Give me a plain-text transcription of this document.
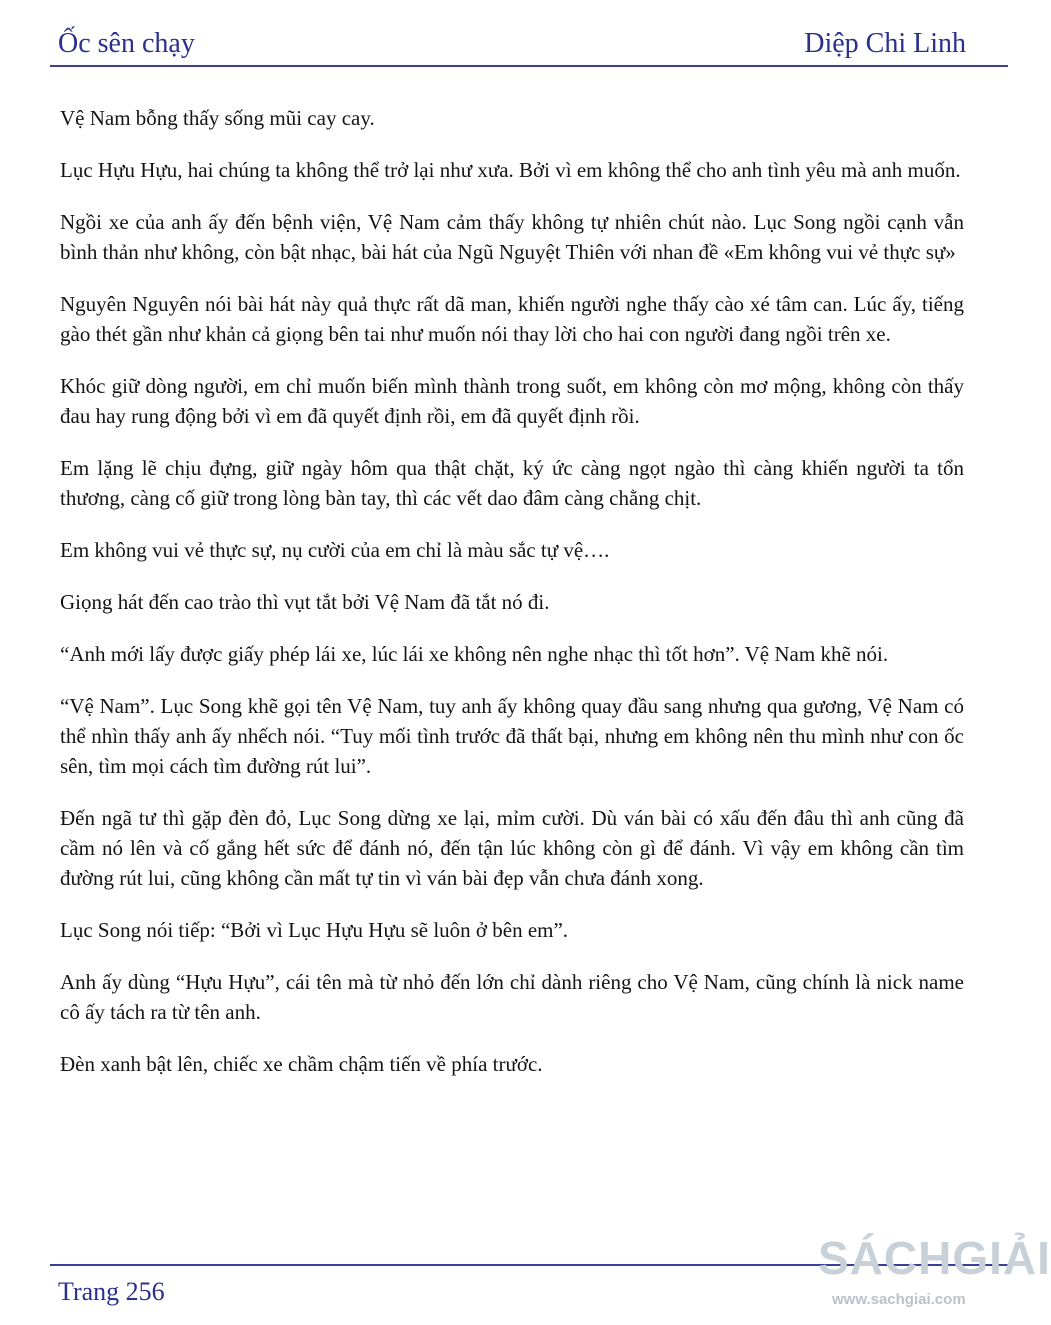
Ốc sên chạy	Diệp Chi Linh

Vệ Nam bỗng thấy sống mũi cay cay.

Lục Hựu Hựu, hai chúng ta không thể trở lại như xưa. Bởi vì em không thể cho anh tình yêu mà anh muốn.

Ngồi xe của anh ấy đến bệnh viện, Vệ Nam cảm thấy không tự nhiên chút nào. Lục Song ngồi cạnh vẫn bình thản như không, còn bật nhạc, bài hát của Ngũ Nguyệt Thiên với nhan đề «Em không vui vẻ thực sự»

Nguyên Nguyên nói bài hát này quả thực rất dã man, khiến người nghe thấy cào xé tâm can. Lúc ấy, tiếng gào thét gần như khản cả giọng bên tai như muốn nói thay lời cho hai con người đang ngồi trên xe.

Khóc giữ dòng người, em chỉ muốn biến mình thành trong suốt, em không còn mơ mộng, không còn thấy đau hay rung động bởi vì em đã quyết định rồi, em đã quyết định rồi.

Em lặng lẽ chịu đựng, giữ ngày hôm qua thật chặt, ký ức càng ngọt ngào thì càng khiến người ta tổn thương, càng cố giữ trong lòng bàn tay, thì các vết dao đâm càng chằng chịt.

Em không vui vẻ thực sự, nụ cười của em chỉ là màu sắc tự vệ….

Giọng hát đến cao trào thì vụt tắt bởi Vệ Nam đã tắt nó đi.

“Anh mới lấy được giấy phép lái xe, lúc lái xe không nên nghe nhạc thì tốt hơn”. Vệ Nam khẽ nói.

“Vệ Nam”. Lục Song khẽ gọi tên Vệ Nam, tuy anh ấy không quay đầu sang nhưng qua gương, Vệ Nam có thể nhìn thấy anh ấy nhếch nói. “Tuy mối tình trước đã thất bại, nhưng em không nên thu mình như con ốc sên, tìm mọi cách tìm đường rút lui”.

Đến ngã tư thì gặp đèn đỏ, Lục Song dừng xe lại, mỉm cười. Dù ván bài có xấu đến đâu thì anh cũng đã cầm nó lên và cố gắng hết sức để đánh nó, đến tận lúc không còn gì để đánh. Vì vậy em không cần tìm đường rút lui, cũng không cần mất tự tin vì ván bài đẹp vẫn chưa đánh xong.

Lục Song nói tiếp: “Bởi vì Lục Hựu Hựu sẽ luôn ở bên em”.

Anh ấy dùng “Hựu Hựu”, cái tên mà từ nhỏ đến lớn chỉ dành riêng cho Vệ Nam, cũng chính là nick name cô ấy tách ra từ tên anh.

Đèn xanh bật lên, chiếc xe chầm chậm tiến về phía trước.

Trang 256
SÁCHGIẢI
www.sachgiai.com
